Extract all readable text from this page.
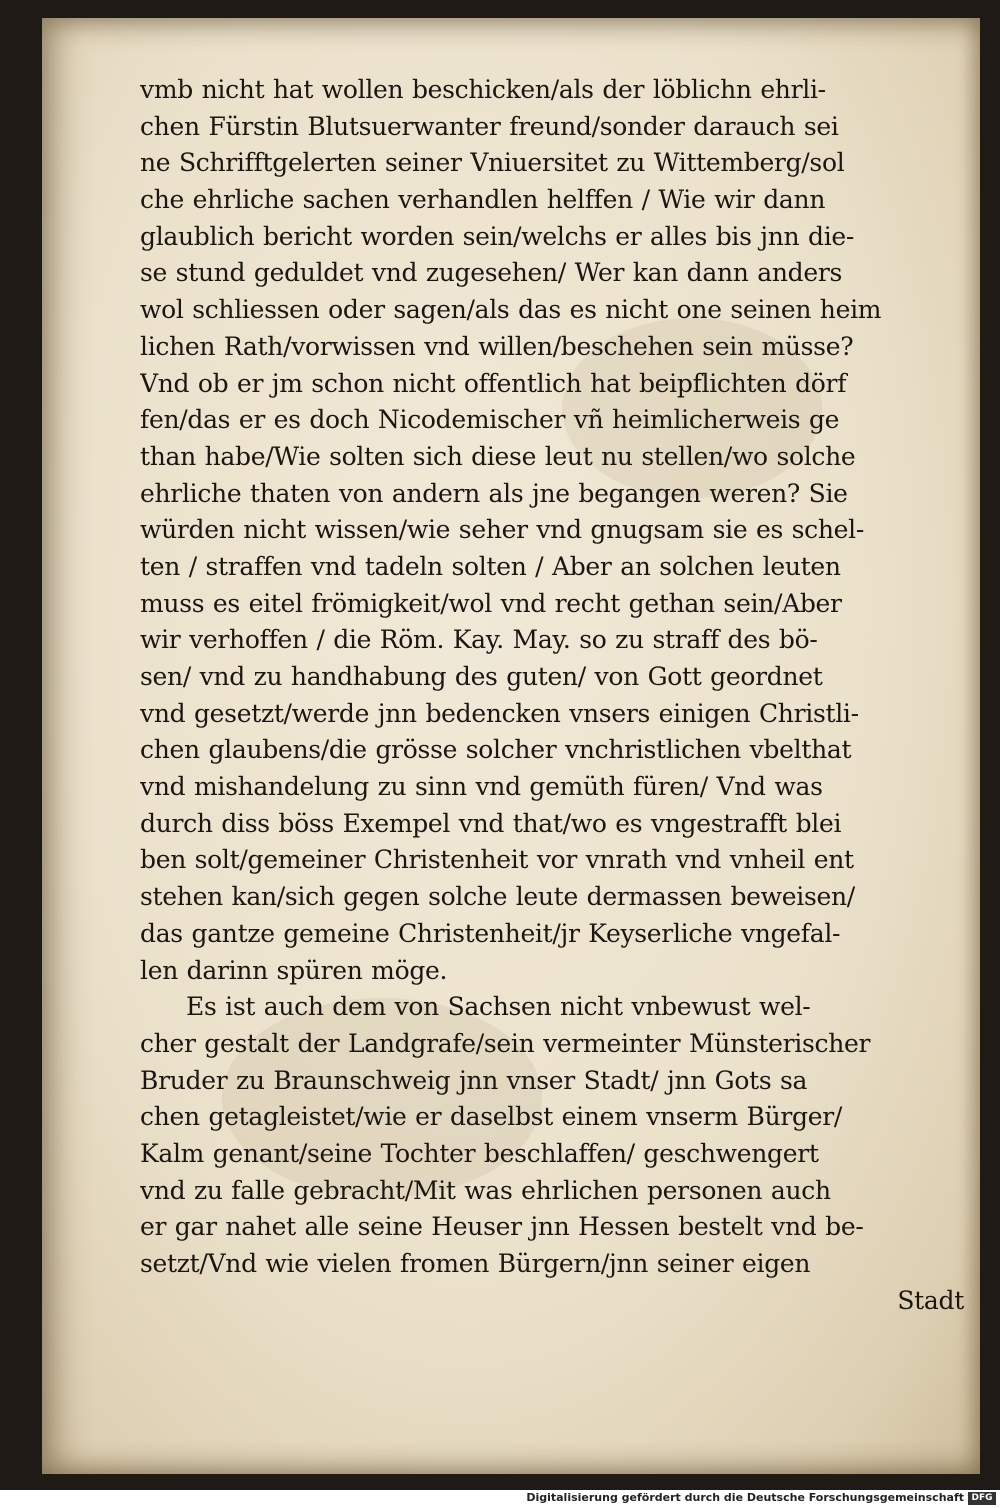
vmb nicht hat wollen beschicken/als der löblichn ehrli-
chen Fürstin Blutsuerwanter freund/sonder darauch sei
ne Schrifftgelerten seiner Vniuersitet zu Wittemberg/sol
che ehrliche sachen verhandlen helffen / Wie wir dann
glaublich bericht worden sein/welchs er alles bis jnn die-
se stund geduldet vnd zugesehen/ Wer kan dann anders
wol schliessen oder sagen/als das es nicht one seinen heim
lichen Rath/vorwissen vnd willen/beschehen sein müsse?
Vnd ob er jm schon nicht offentlich hat beipflichten dörf
fen/das er es doch Nicodemischer vñ heimlicherweis ge
than habe/Wie solten sich diese leut nu stellen/wo solche
ehrliche thaten von andern als jne begangen weren? Sie
würden nicht wissen/wie seher vnd gnugsam sie es schel-
ten / straffen vnd tadeln solten / Aber an solchen leuten
muss es eitel frömigkeit/wol vnd recht gethan sein/Aber
wir verhoffen / die Röm. Kay. May. so zu straff des bö-
sen/ vnd zu handhabung des guten/ von Gott geordnet
vnd gesetzt/werde jnn bedencken vnsers einigen Christli-
chen glaubens/die grösse solcher vnchristlichen vbelthat
vnd mishandelung zu sinn vnd gemüth füren/ Vnd was
durch diss böss Exempel vnd that/wo es vngestrafft blei
ben solt/gemeiner Christenheit vor vnrath vnd vnheil ent
stehen kan/sich gegen solche leute dermassen beweisen/
das gantze gemeine Christenheit/jr Keyserliche vngefal-
len darinn spüren möge.
Es ist auch dem von Sachsen nicht vnbewust wel-
cher gestalt der Landgrafe/sein vermeinter Münsterischer
Bruder zu Braunschweig jnn vnser Stadt/ jnn Gots sa
chen getagleistet/wie er daselbst einem vnserm Bürger/
Kalm genant/seine Tochter beschlaffen/ geschwengert
vnd zu falle gebracht/Mit was ehrlichen personen auch
er gar nahet alle seine Heuser jnn Hessen bestelt vnd be-
setzt/Vnd wie vielen fromen Bürgern/jnn seiner eigen
Stadt
Digitalisierung gefördert durch die Deutsche Forschungsgemeinschaft DFG
